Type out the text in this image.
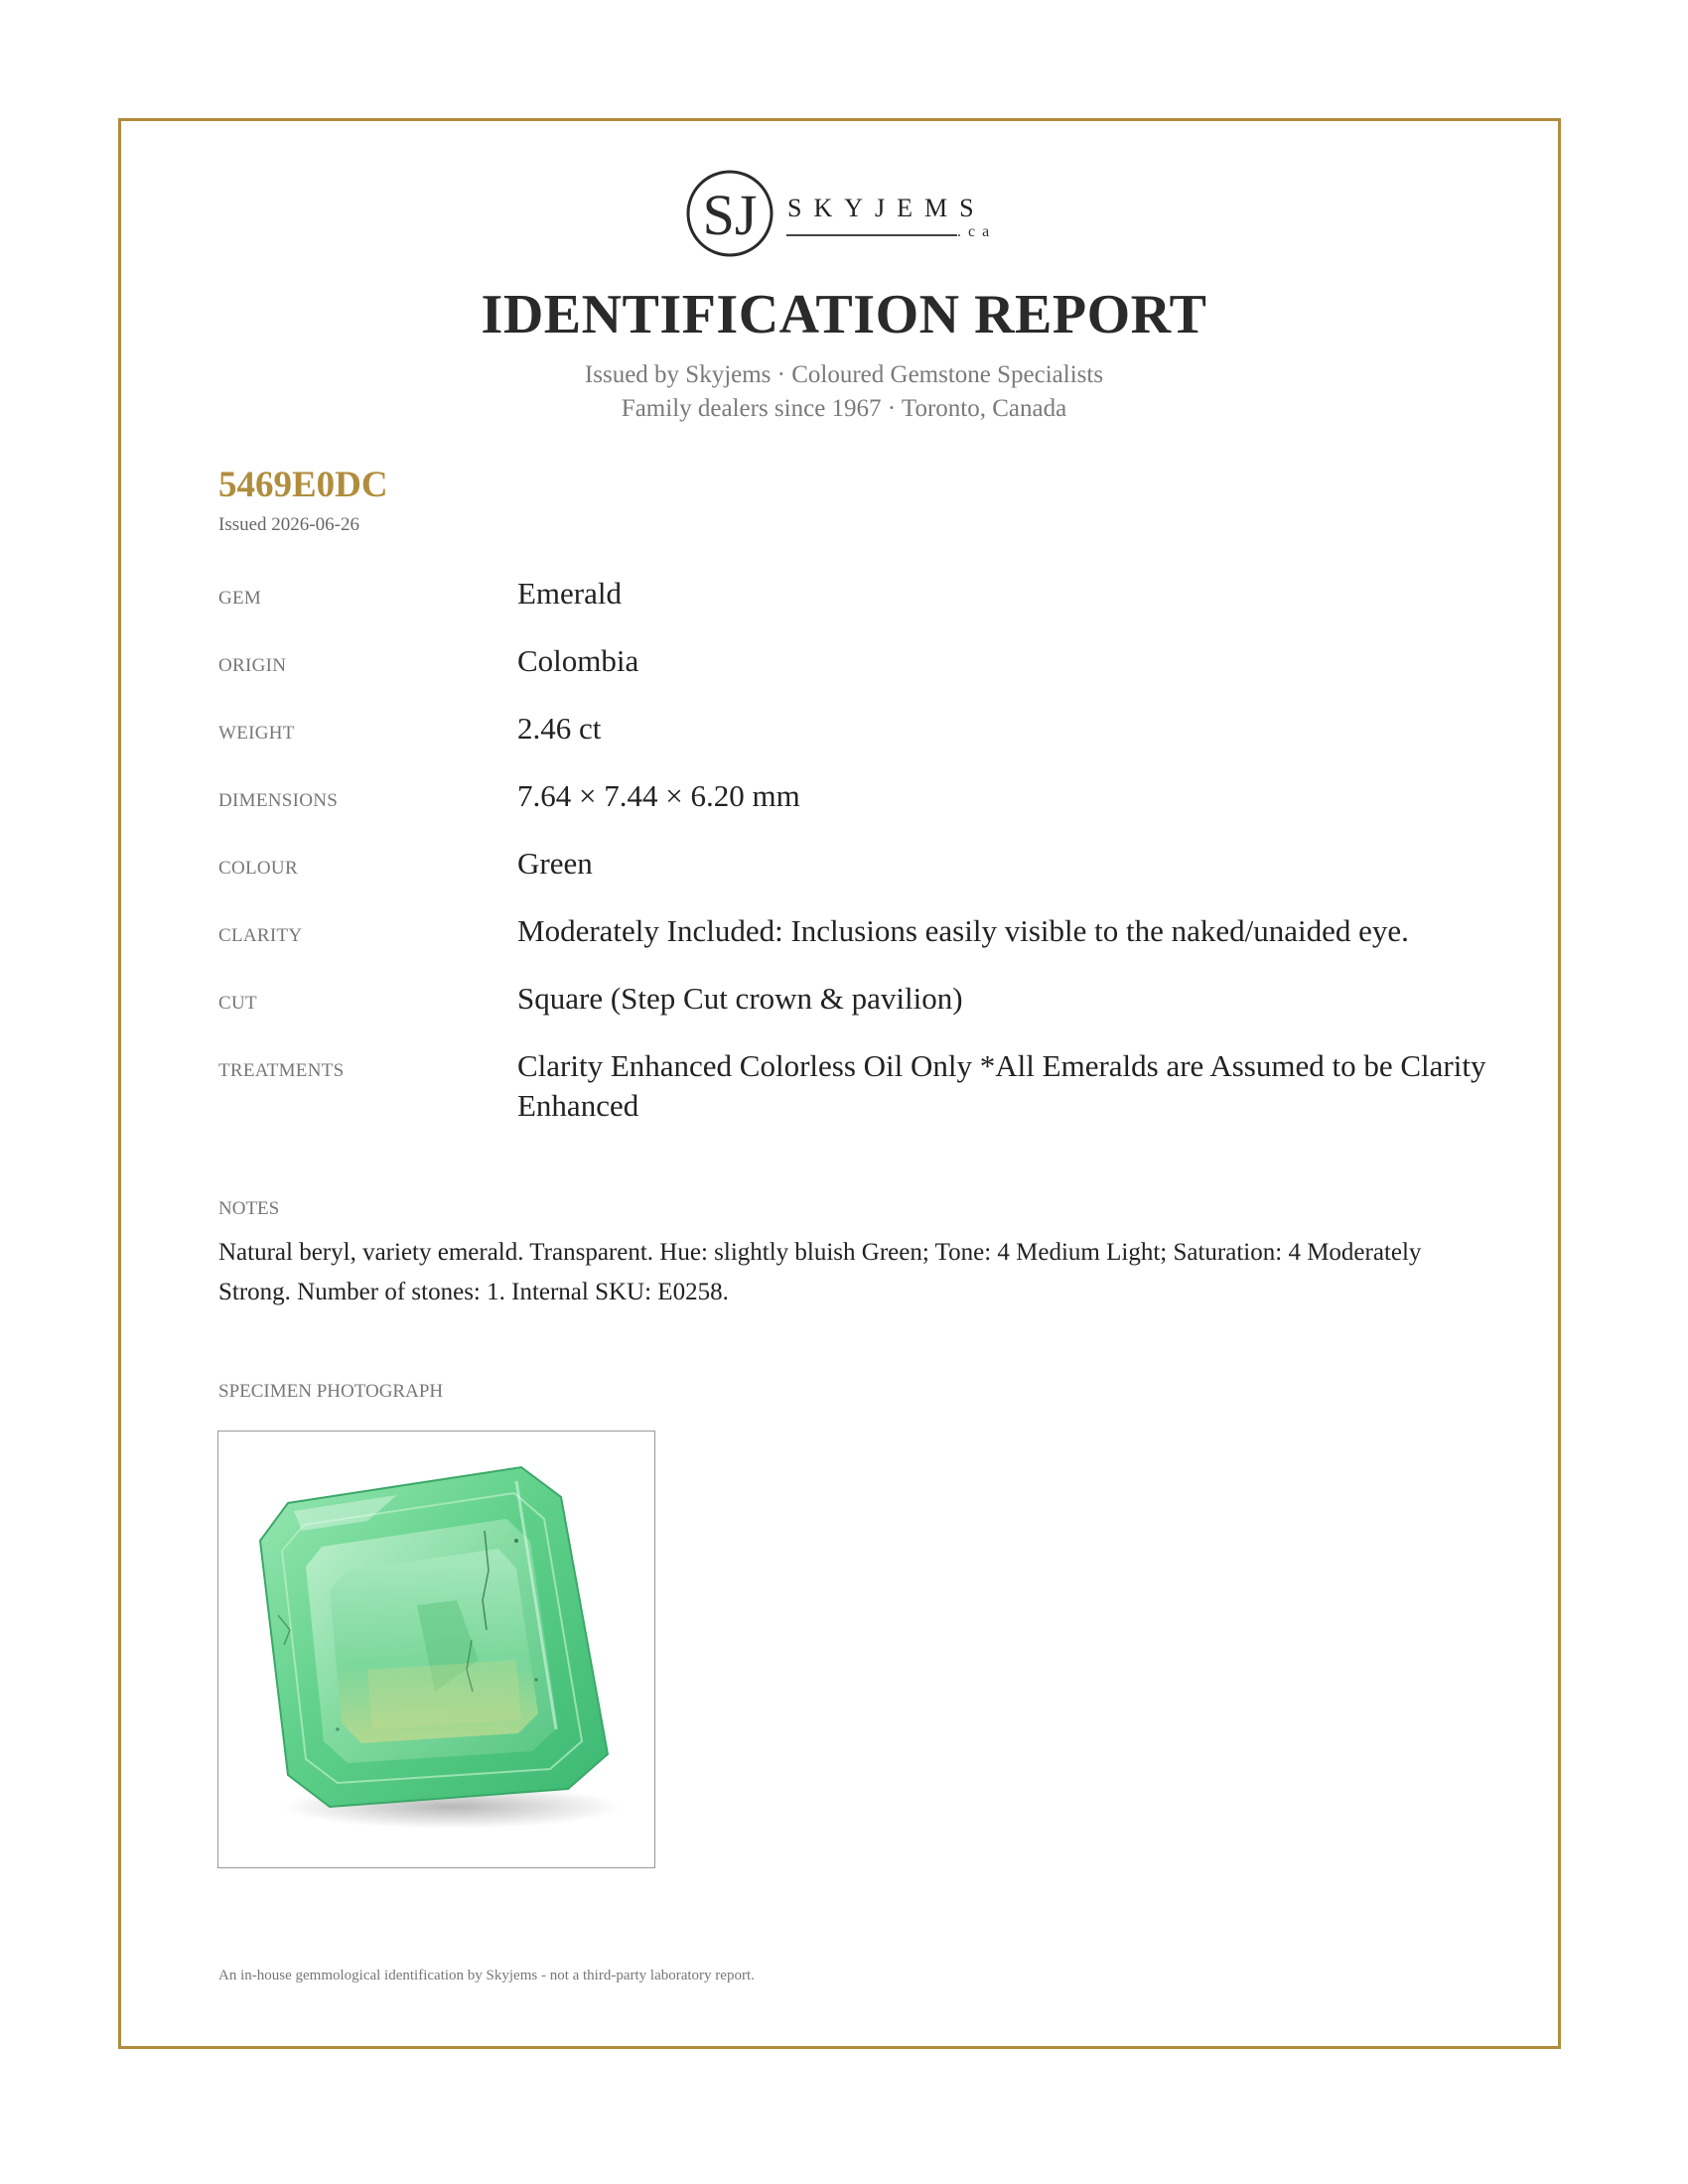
SJ SKYJEMS
.ca
IDENTIFICATION REPORT
Issued by Skyjems · Coloured Gemstone Specialists
Family dealers since 1967 · Toronto, Canada
5469E0DC
Issued 2026-06-26
GEM	Emerald
ORIGIN	Colombia
WEIGHT	2.46 ct
DIMENSIONS	7.64 × 7.44 × 6.20 mm
COLOUR	Green
CLARITY	Moderately Included: Inclusions easily visible to the naked/unaided eye.
CUT	Square (Step Cut crown & pavilion)
TREATMENTS	Clarity Enhanced Colorless Oil Only *All Emeralds are Assumed to be Clarity Enhanced
NOTES
Natural beryl, variety emerald. Transparent. Hue: slightly bluish Green; Tone: 4 Medium Light; Saturation: 4 Moderately Strong. Number of stones: 1. Internal SKU: E0258.
SPECIMEN PHOTOGRAPH
An in-house gemmological identification by Skyjems - not a third-party laboratory report.
